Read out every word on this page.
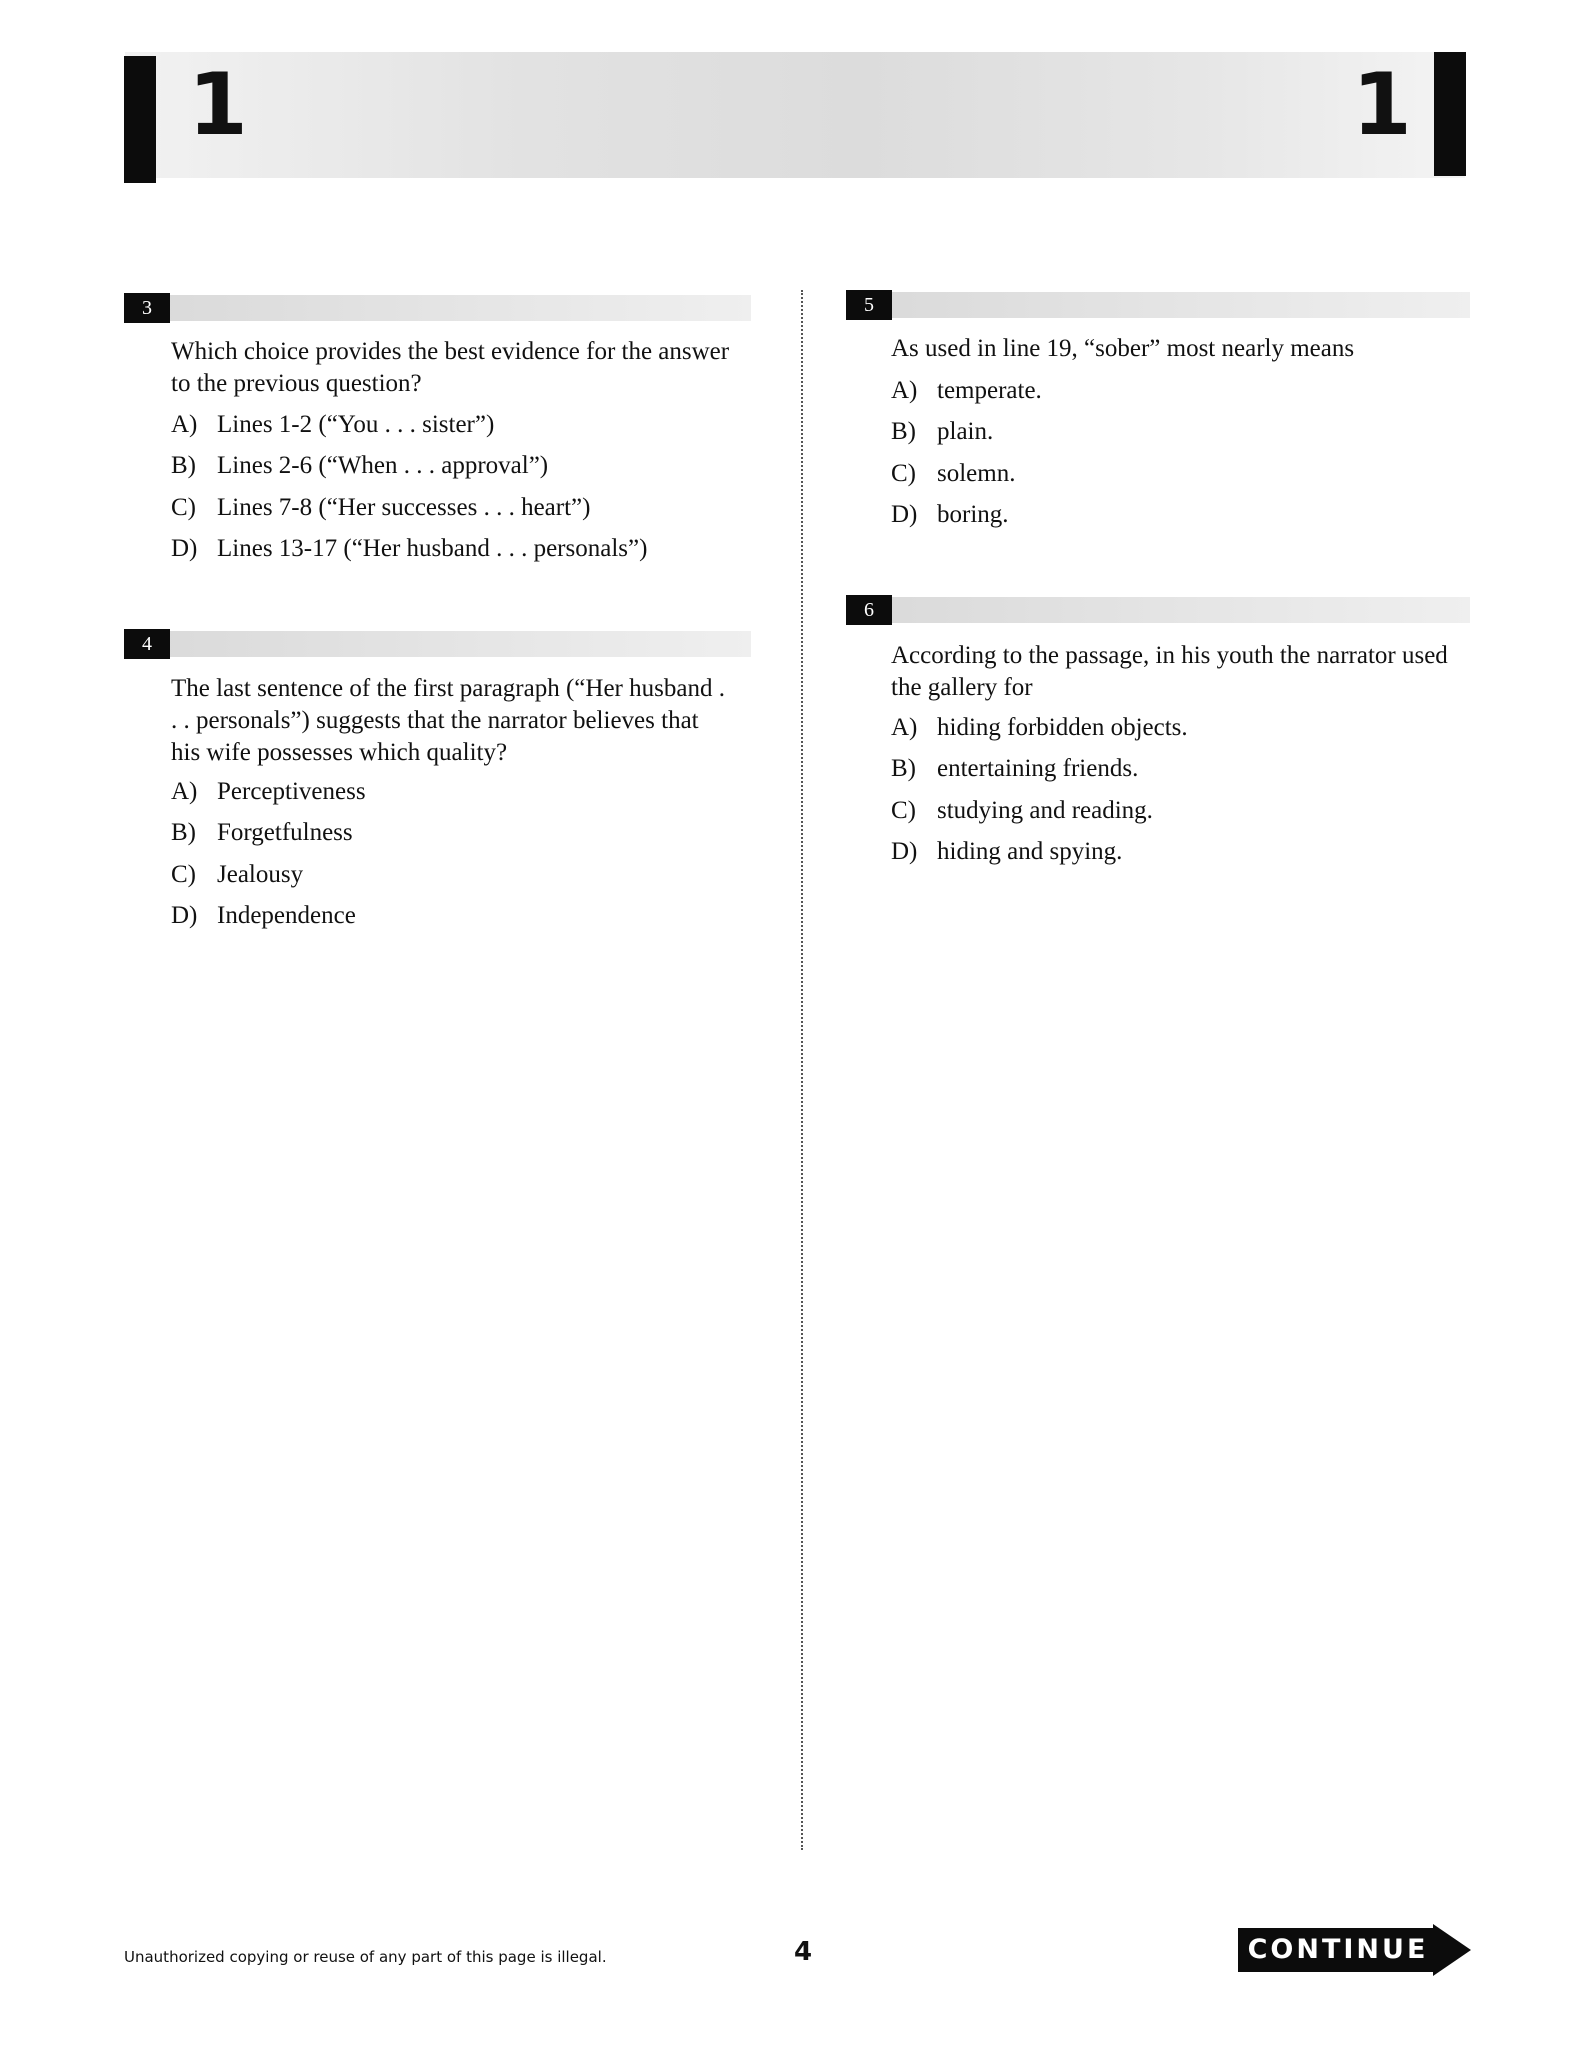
1	1
3
Which choice provides the best evidence for the answer to the previous question?
A) Lines 1-2 (“You . . . sister”)
B) Lines 2-6 (“When . . . approval”)
C) Lines 7-8 (“Her successes . . . heart”)
D) Lines 13-17 (“Her husband . . . personals”)
4
The last sentence of the first paragraph (“Her husband . . . personals”) suggests that the narrator believes that his wife possesses which quality?
A) Perceptiveness
B) Forgetfulness
C) Jealousy
D) Independence
5
As used in line 19, “sober” most nearly means
A) temperate.
B) plain.
C) solemn.
D) boring.
6
According to the passage, in his youth the narrator used the gallery for
A) hiding forbidden objects.
B) entertaining friends.
C) studying and reading.
D) hiding and spying.
Unauthorized copying or reuse of any part of this page is illegal.	4	CONTINUE
